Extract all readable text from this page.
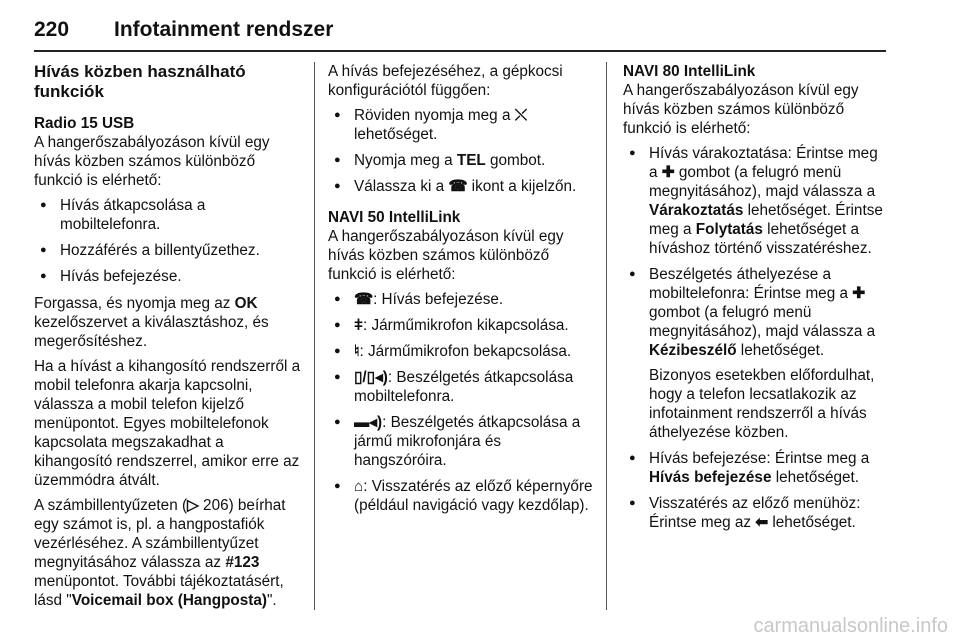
220 Infotainment rendszer
Hívás közben használható funkciók
Radio 15 USB

A hangerőszabályozáson kívül egy hívás közben számos különböző funkció is elérhető:

● Hívás átkapcsolása a mobiltelefonra.
● Hozzáférés a billentyűzethez.
● Hívás befejezése.

Forgassa, és nyomja meg az OK kezelőszervet a kiválasztáshoz, és megerősítéshez.

Ha a hívást a kihangosító rendszerről a mobil telefonra akarja kapcsolni, válassza a mobil telefon kijelző menüpontot. Egyes mobiltelefonok kapcsolata megszakadhat a kihangosító rendszerrel, amikor erre az üzemmódra átvált.

A számbillentyűzeten (▷ 206) beírhat egy számot is, pl. a hangpostafiók vezérléséhez. A számbillentyűzet megnyitásához válassza az #123 menüpontot. További tájékoztatásért, lásd "Voicemail box (Hangposta)".

A hívás befejezéséhez, a gépkocsi konfigurációtól függően:

● Röviden nyomja meg a ⤬ lehetőséget.
● Nyomja meg a TEL gombot.
● Válassza ki a ☎ ikont a kijelzőn.
NAVI 50 IntelliLink

A hangerőszabályozáson kívül egy hívás közben számos különböző funkció is elérhető:

● ☎: Hívás befejezése.
● ǂ: Járműmikrofon kikapcsolása.
● ♮: Járműmikrofon bekapcsolása.
● ▯/▯◂): Beszélgetés átkapcsolása mobiltelefonra.
● ▬◂): Beszélgetés átkapcsolása a jármű mikrofonjára és hangszóróira.
● ⌂: Visszatérés az előző képernyőre (például navigáció vagy kezdőlap).
NAVI 80 IntelliLink

A hangerőszabályozáson kívül egy hívás közben számos különböző funkció is elérhető:

● Hívás várakoztatása: Érintse meg a ✚ gombot (a felugró menü megnyitásához), majd válassza a Várakoztatás lehetőséget. Érintse meg a Folytatás lehetőséget a híváshoz történő visszatéréshez.
● Beszélgetés áthelyezése a mobiltelefonra: Érintse meg a ✚ gombot (a felugró menü megnyitásához), majd válassza a Kézibeszélő lehetőséget.

Bizonyos esetekben előfordulhat, hogy a telefon lecsatlakozik az infotainment rendszerről a hívás áthelyezése közben.
● Hívás befejezése: Érintse meg a Hívás befejezése lehetőséget.
● Visszatérés az előző menühöz: Érintse meg az ⬅ lehetőséget.
carmanualsonline.info
